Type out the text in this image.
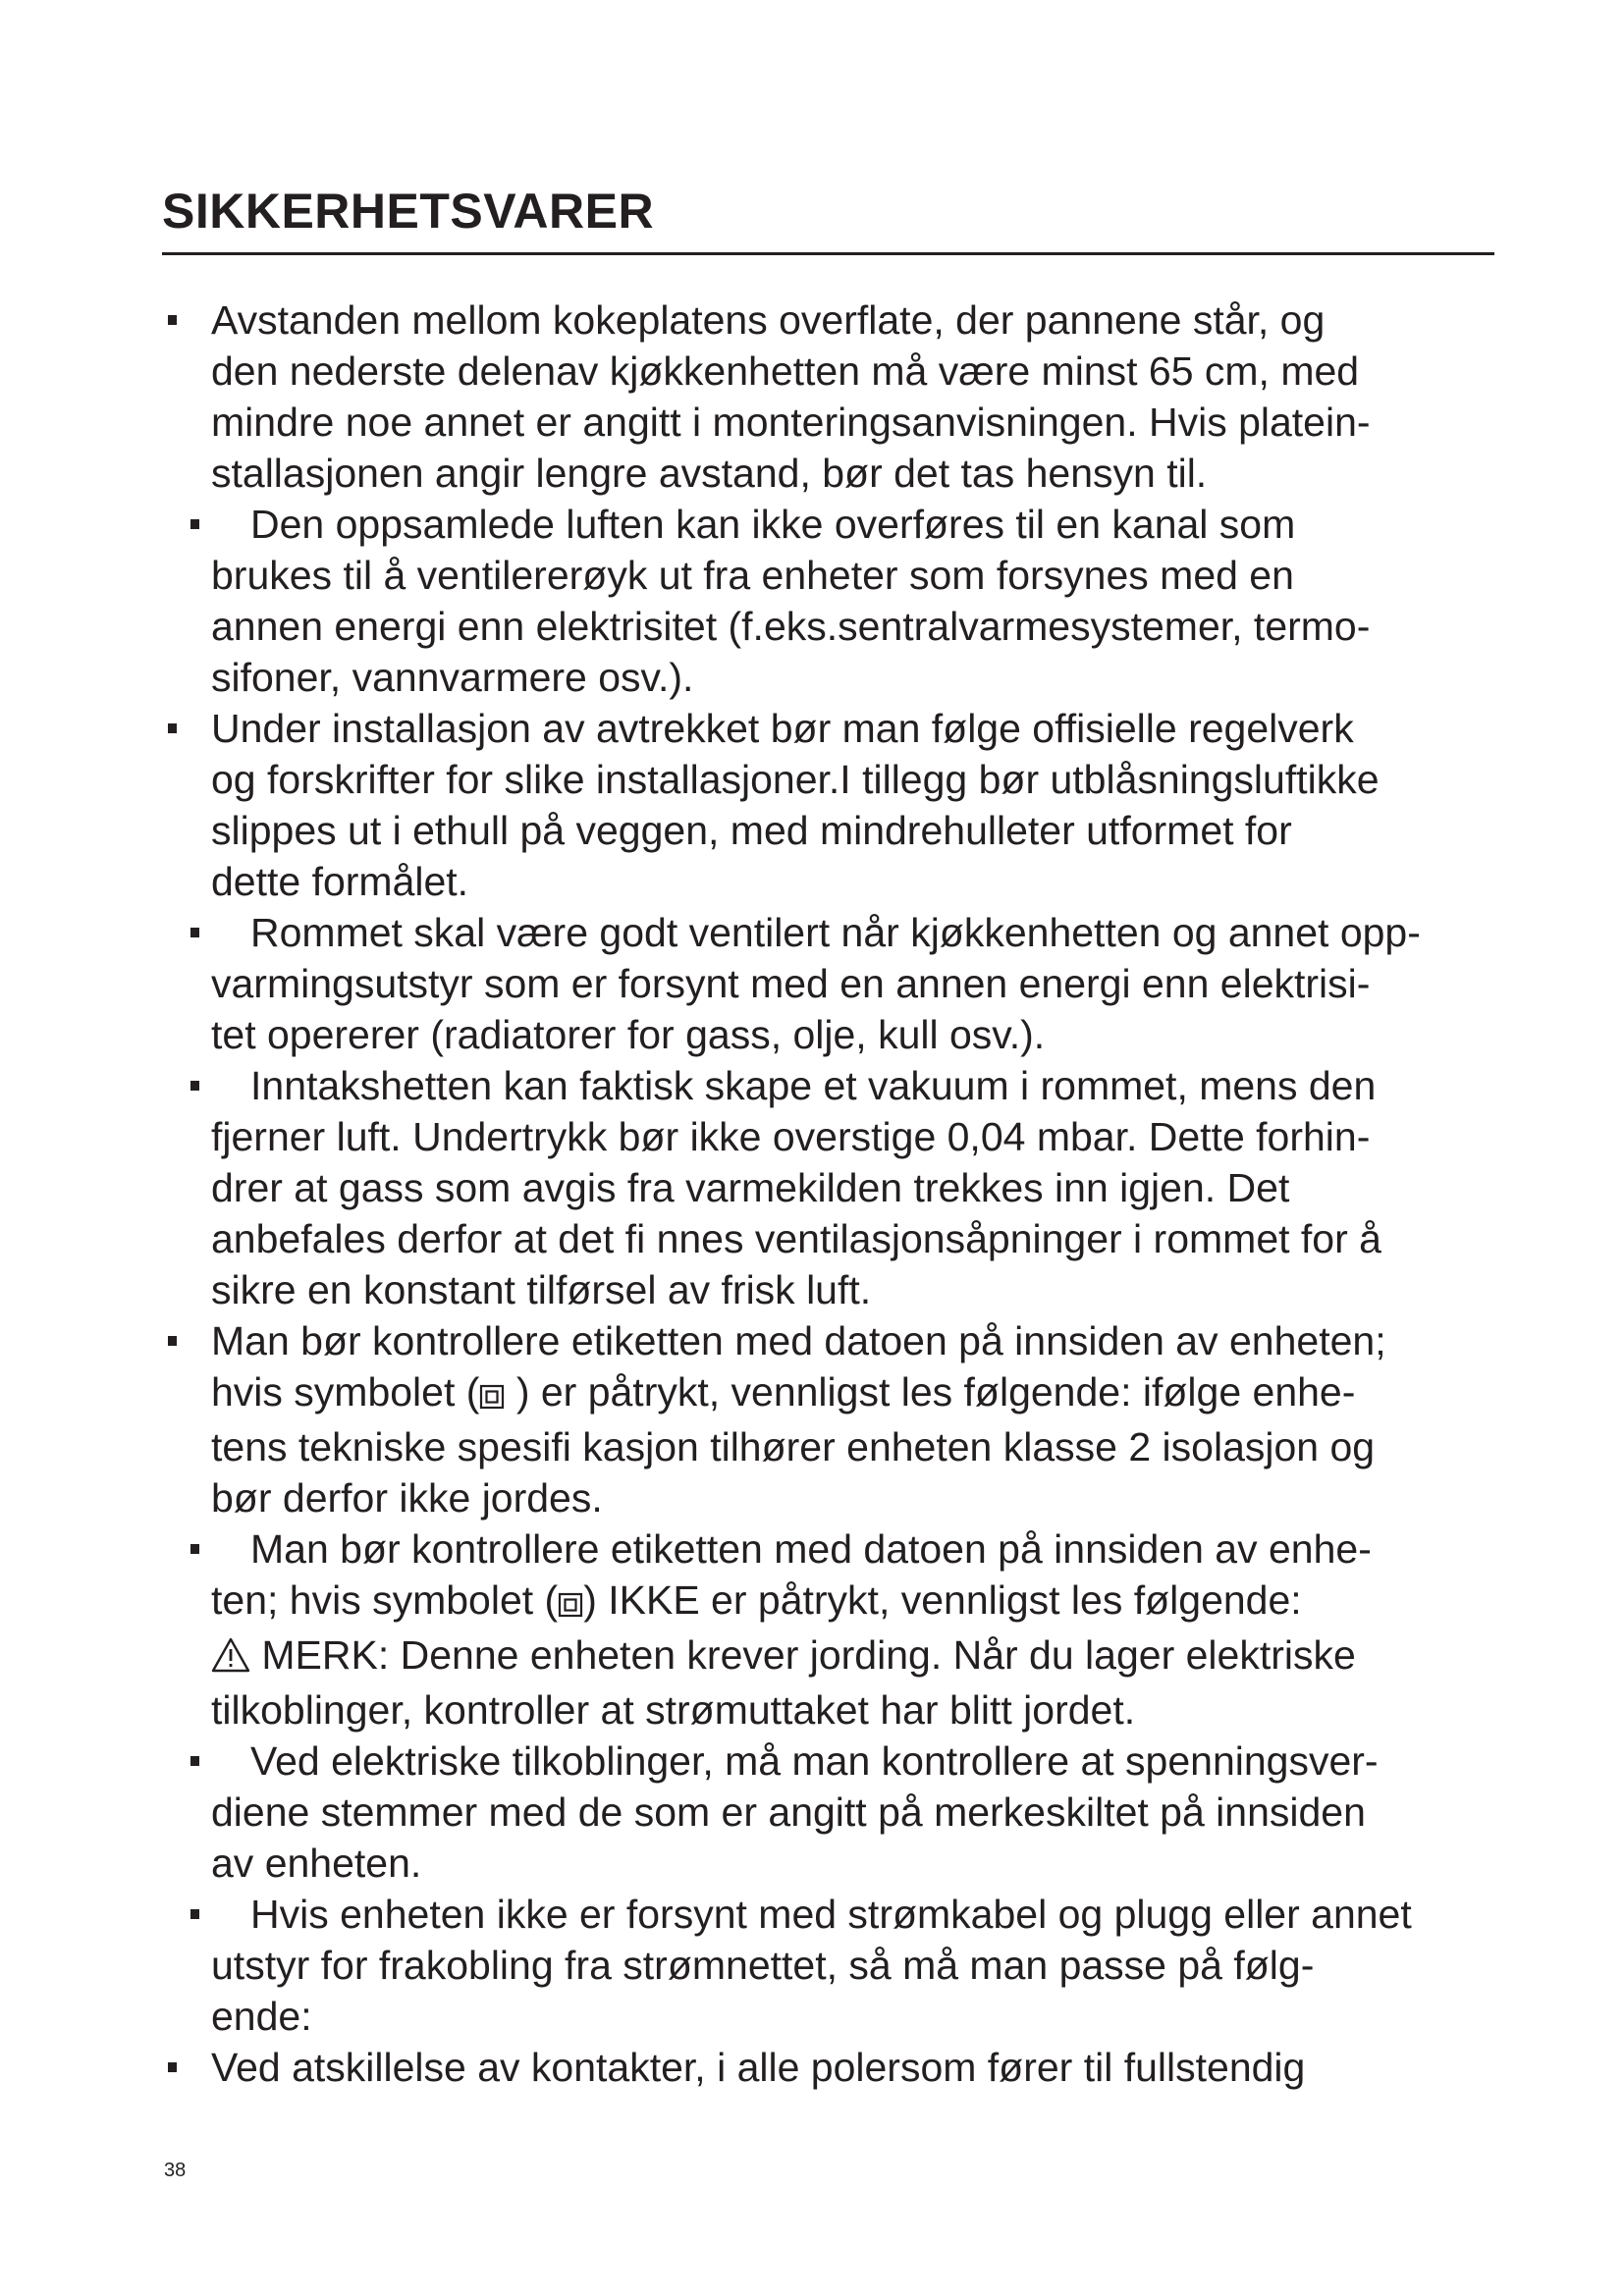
SIKKERHETSVARER
Avstanden mellom kokeplatens overflate, der pannene står, og
den nederste delenav kjøkkenhetten må være minst 65 cm, med
mindre noe annet er angitt i monteringsanvisningen. Hvis platein-
stallasjonen angir lengre avstand, bør det tas hensyn til.
Den oppsamlede luften kan ikke overføres til en kanal som
brukes til å ventilererøyk ut fra enheter som forsynes med en
annen energi enn elektrisitet (f.eks.sentralvarmesystemer, termo-
sifoner, vannvarmere osv.).
Under installasjon av avtrekket bør man følge offisielle regelverk
og forskrifter for slike installasjoner.I tillegg bør utblåsningsluftikke
slippes ut i ethull på veggen, med mindrehulleter utformet for
dette formålet.
Rommet skal være godt ventilert når kjøkkenhetten og annet opp-
varmingsutstyr som er forsynt med en annen energi enn elektrisi-
tet opererer (radiatorer for gass, olje, kull osv.).
Inntakshetten kan faktisk skape et vakuum i rommet, mens den
fjerner luft. Undertrykk bør ikke overstige 0,04 mbar. Dette forhin-
drer at gass som avgis fra varmekilden trekkes inn igjen. Det
anbefales derfor at det fi nnes ventilasjonsåpninger i rommet for å
sikre en konstant tilførsel av frisk luft.
Man bør kontrollere etiketten med datoen på innsiden av enheten;
hvis symbolet ( ) er påtrykt, vennligst les følgende: ifølge enhe-
tens tekniske spesifi kasjon tilhører enheten klasse 2 isolasjon og
bør derfor ikke jordes.
Man bør kontrollere etiketten med datoen på innsiden av enhe-
ten; hvis symbolet ( ) IKKE er påtrykt, vennligst les følgende:
MERK: Denne enheten krever jording. Når du lager elektriske
tilkoblinger, kontroller at strømuttaket har blitt jordet.
Ved elektriske tilkoblinger, må man kontrollere at spenningsver-
diene stemmer med de som er angitt på merkeskiltet på innsiden
av enheten.
Hvis enheten ikke er forsynt med strømkabel og plugg eller annet
utstyr for frakobling fra strømnettet, så må man passe på følg-
ende:
Ved atskillelse av kontakter, i alle polersom fører til fullstendig
38
